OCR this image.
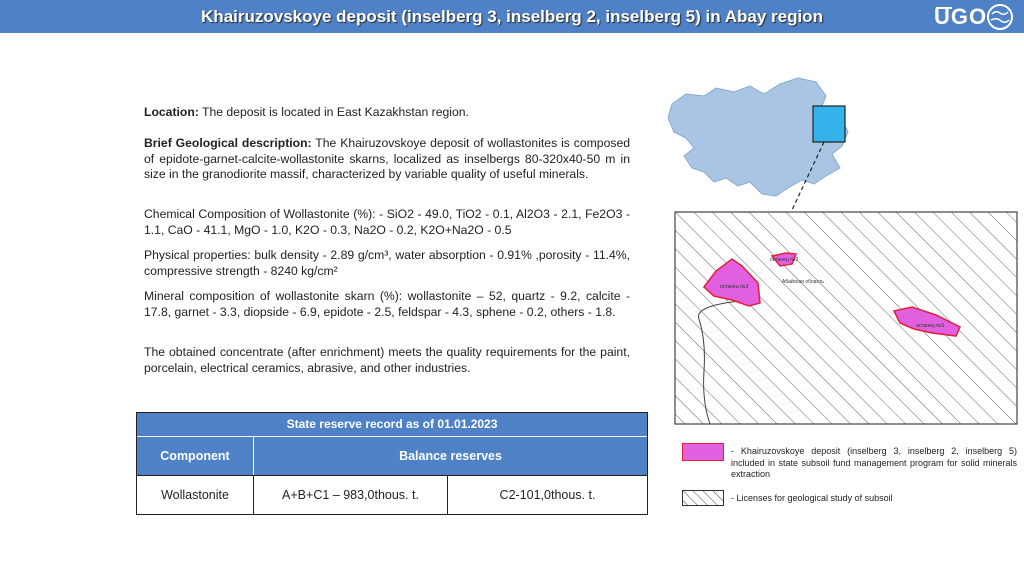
Khairuzovskoye deposit (inselberg 3, inselberg 2, inselberg 5) in Abay region	UGO
Location: The deposit is located in East Kazakhstan region.
Brief Geological description: The Khairuzovskoye deposit of wollastonites is composed of epidote-garnet-calcite-wollastonite skarns, localized as inselbergs 80-320x40-50 m in size in the granodiorite massif, characterized by variable quality of useful minerals.
Chemical Composition of Wollastonite (%): - SiO2 - 49.0, TiO2 - 0.1, Al2O3 - 2.1, Fe2O3 - 1.1, CaO - 41.1, MgO - 1.0, K2O - 0.3, Na2O - 0.2, K2O+Na2O - 0.5
Physical properties: bulk density - 2.89 g/cm³, water absorption - 0.91% ,porosity - 11.4%, compressive strength - 8240 kg/cm²
Mineral composition of wollastonite skarn (%): wollastonite – 52, quartz - 9.2, calcite - 17.8, garnet - 3.3, diopside - 6.9, epidote - 2.5, feldspar - 4.3, sphene - 0.2, others - 1.8.
The obtained concentrate (after enrichment) meets the quality requirements for the paint, porcelain, electrical ceramics, abrasive, and other industries.
State reserve record as of 01.01.2023
Component	Balance reserves
Wollastonite	A+B+C1 – 983,0thous. t.	C2-101,0thous. t.
останец №2
Абайская область
останец №3
останец №5
- Khairuzovskoye deposit (inselberg 3, inselberg 2, inselberg 5) included in state subsoil fund management program for solid minerals extraction
- Licenses for geological study of subsoil
